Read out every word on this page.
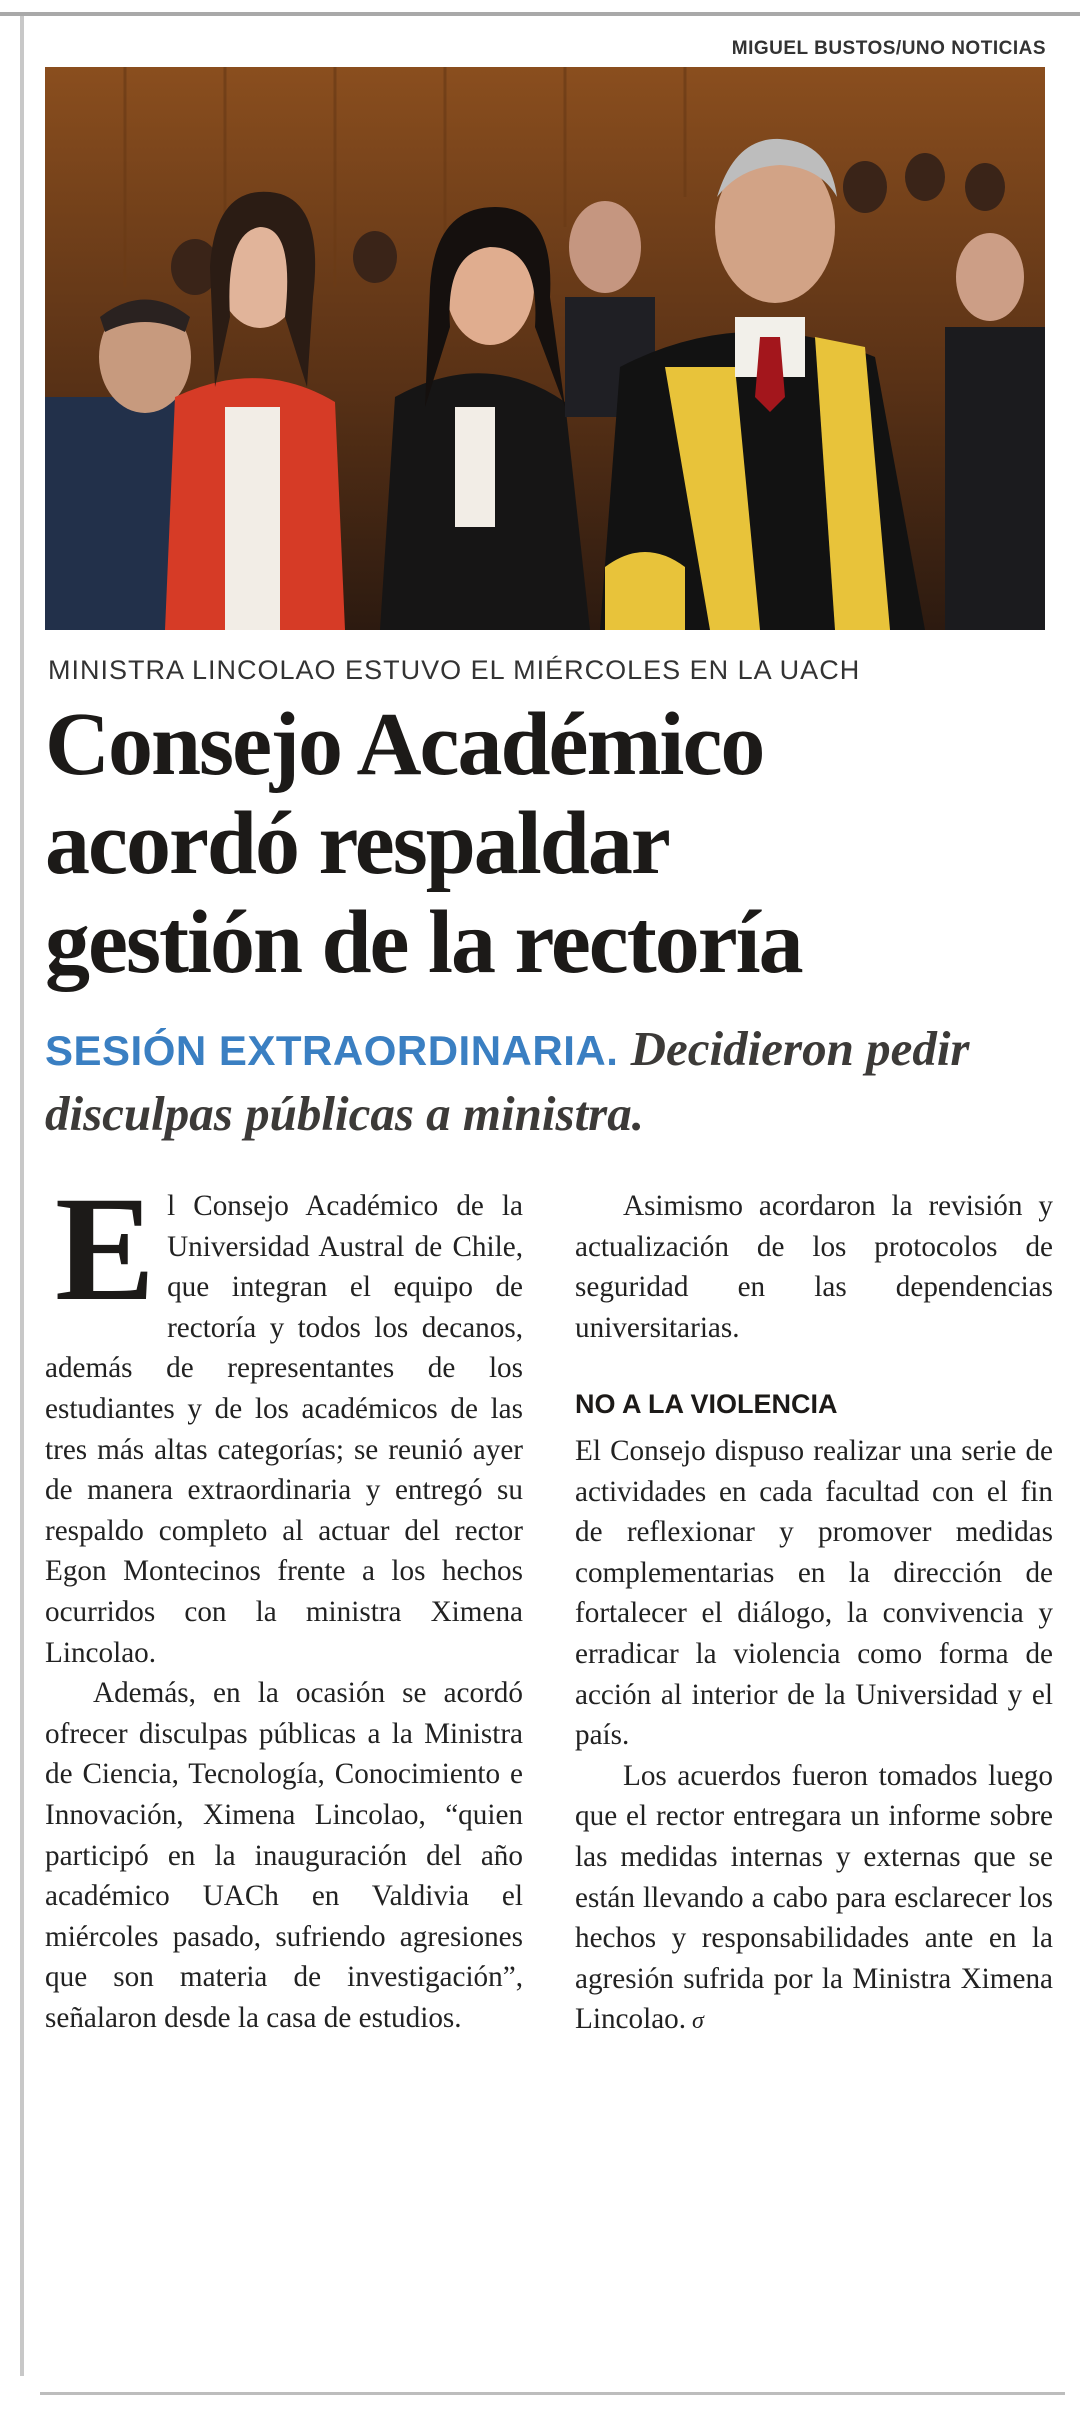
MIGUEL BUSTOS/UNO NOTICIAS
MINISTRA LINCOLAO ESTUVO EL MIÉRCOLES EN LA UACH
Consejo Académico
acordó respaldar
gestión de la rectoría
SESIÓN EXTRAORDINARIA. Decidieron pedir disculpas públicas a ministra.

El Consejo Académico de la Universidad Austral de Chile, que integran el equipo de rectoría y todos los decanos, además de representantes de los estudiantes y de los académicos de las tres más altas categorías; se reunió ayer de manera extraordinaria y entregó su respaldo completo al actuar del rector Egon Montecinos frente a los hechos ocurridos con la ministra Ximena Lincolao.

Además, en la ocasión se acordó ofrecer disculpas públicas a la Ministra de Ciencia, Tecnología, Conocimiento e Innovación, Ximena Lincolao, “quien participó en la inauguración del año académico UACh en Valdivia el miércoles pasado, sufriendo agresiones que son materia de investigación”, señalaron desde la casa de estudios.

Asimismo acordaron la revisión y actualización de los protocolos de seguridad en las dependencias universitarias.

NO A LA VIOLENCIA

El Consejo dispuso realizar una serie de actividades en cada facultad con el fin de reflexionar y promover medidas complementarias en la dirección de fortalecer el diálogo, la convivencia y erradicar la violencia como forma de acción al interior de la Universidad y el país.

Los acuerdos fueron tomados luego que el rector entregara un informe sobre las medidas internas y externas que se están llevando a cabo para esclarecer los hechos y responsabilidades ante en la agresión sufrida por la Ministra Ximena Lincolao. σ
